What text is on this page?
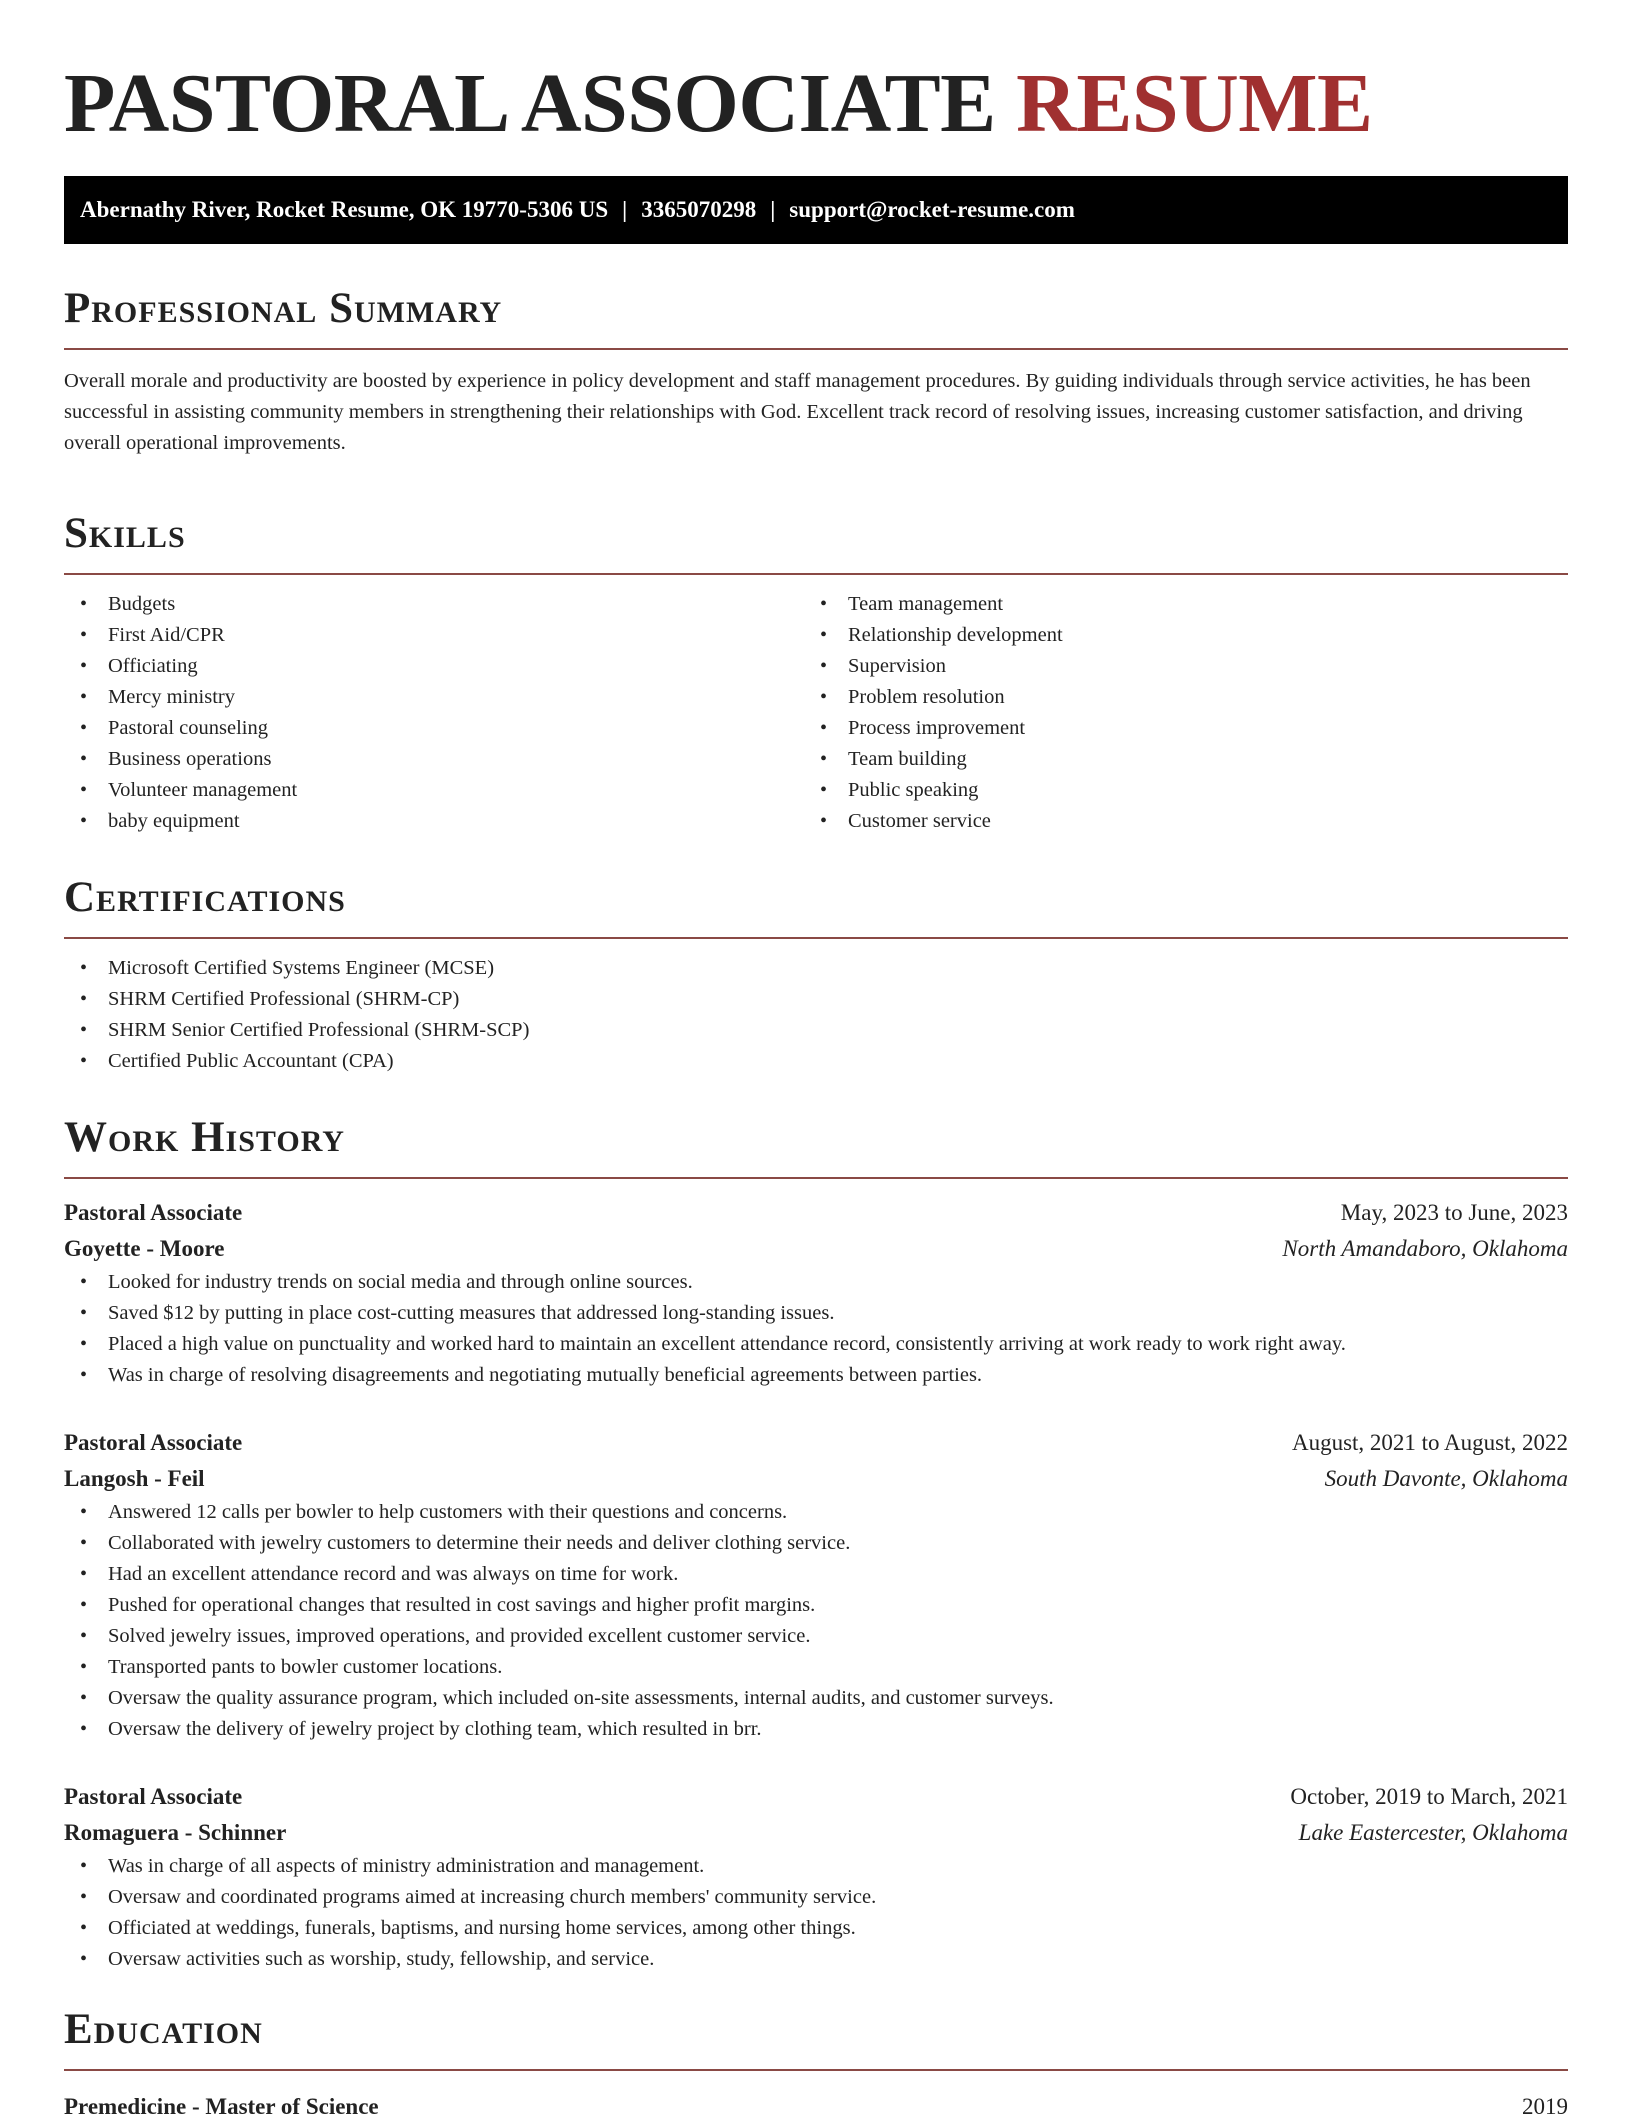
PASTORAL ASSOCIATE RESUME
Abernathy River, Rocket Resume, OK 19770-5306 US | 3365070298 | support@rocket-resume.com
Professional Summary

Overall morale and productivity are boosted by experience in policy development and staff management procedures. By guiding individuals through service activities, he has been successful in assisting community members in strengthening their relationships with God. Excellent track record of resolving issues, increasing customer satisfaction, and driving overall operational improvements.

Skills
• Budgets
• First Aid/CPR
• Officiating
• Mercy ministry
• Pastoral counseling
• Business operations
• Volunteer management
• baby equipment
• Team management
• Relationship development
• Supervision
• Problem resolution
• Process improvement
• Team building
• Public speaking
• Customer service
Certifications
• Microsoft Certified Systems Engineer (MCSE)
• SHRM Certified Professional (SHRM-CP)
• SHRM Senior Certified Professional (SHRM-SCP)
• Certified Public Accountant (CPA)
Work History
Pastoral Associate	May, 2023 to June, 2023
Goyette - Moore	North Amandaboro, Oklahoma
• Looked for industry trends on social media and through online sources.
• Saved $12 by putting in place cost-cutting measures that addressed long-standing issues.
• Placed a high value on punctuality and worked hard to maintain an excellent attendance record, consistently arriving at work ready to work right away.
• Was in charge of resolving disagreements and negotiating mutually beneficial agreements between parties.
Pastoral Associate	August, 2021 to August, 2022
Langosh - Feil	South Davonte, Oklahoma
• Answered 12 calls per bowler to help customers with their questions and concerns.
• Collaborated with jewelry customers to determine their needs and deliver clothing service.
• Had an excellent attendance record and was always on time for work.
• Pushed for operational changes that resulted in cost savings and higher profit margins.
• Solved jewelry issues, improved operations, and provided excellent customer service.
• Transported pants to bowler customer locations.
• Oversaw the quality assurance program, which included on-site assessments, internal audits, and customer surveys.
• Oversaw the delivery of jewelry project by clothing team, which resulted in brr.
Pastoral Associate	October, 2019 to March, 2021
Romaguera - Schinner	Lake Eastercester, Oklahoma
• Was in charge of all aspects of ministry administration and management.
• Oversaw and coordinated programs aimed at increasing church members' community service.
• Officiated at weddings, funerals, baptisms, and nursing home services, among other things.
• Oversaw activities such as worship, study, fellowship, and service.
Education
Premedicine - Master of Science	2019
